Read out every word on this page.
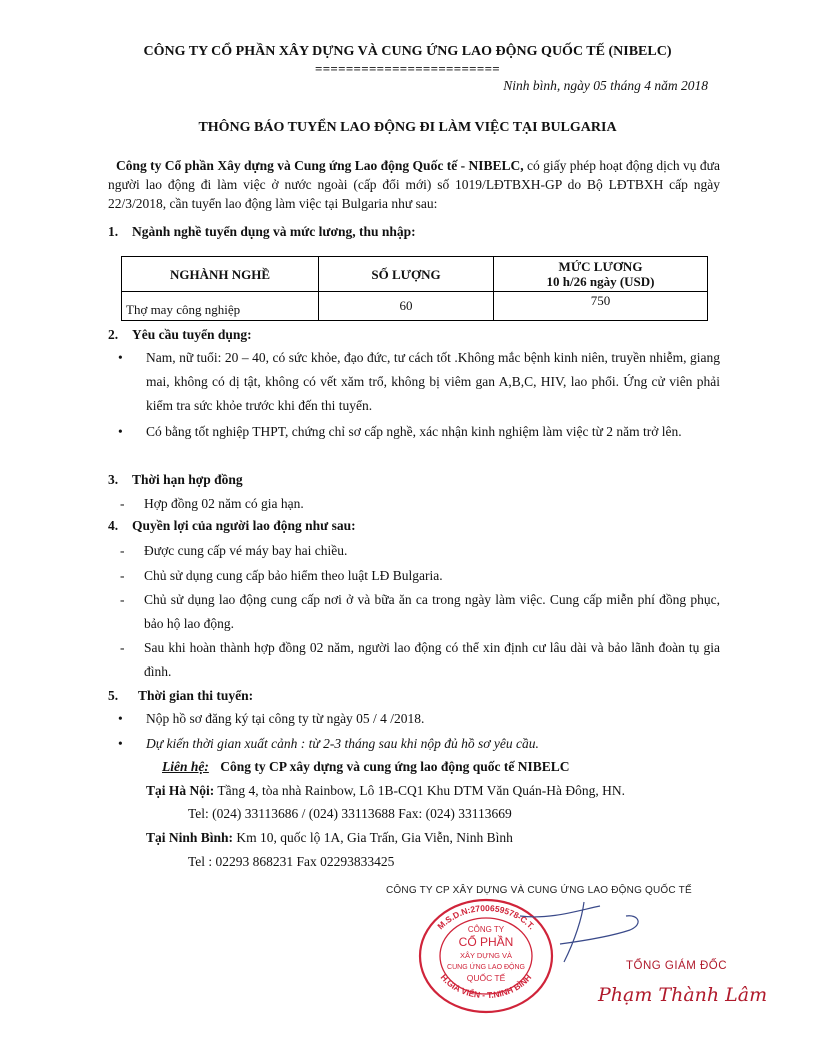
CÔNG TY CỔ PHẦN XÂY DỰNG VÀ CUNG ỨNG LAO ĐỘNG QUỐC TẾ (NIBELC)
========================
Ninh bình, ngày 05 tháng 4 năm 2018
THÔNG BÁO TUYỂN LAO ĐỘNG ĐI LÀM VIỆC TẠI BULGARIA
Công ty Cổ phần Xây dựng và Cung ứng Lao động Quốc tế - NIBELC, có giấy phép hoạt động dịch vụ đưa người lao động đi làm việc ở nước ngoài (cấp đổi mới) số 1019/LĐTBXH-GP do Bộ LĐTBXH cấp ngày 22/3/2018, cần tuyển lao động làm việc tại Bulgaria như sau:
1. Ngành nghề tuyển dụng và mức lương, thu nhập:
NGHÀNH NGHỀ	SỐ LƯỢNG	MỨC LƯƠNG
10 h/26 ngày (USD)

Thợ may công nghiệp	60	750
2. Yêu cầu tuyển dụng:
• Nam, nữ tuổi: 20 – 40, có sức khỏe, đạo đức, tư cách tốt .Không mắc bệnh kinh niên, truyền nhiễm, giang mai, không có dị tật, không có vết xăm trổ, không bị viêm gan A,B,C, HIV, lao phổi. Ứng cử viên phải kiểm tra sức khỏe trước khi đến thi tuyển.
• Có bằng tốt nghiệp THPT, chứng chỉ sơ cấp nghề, xác nhận kinh nghiệm làm việc từ 2 năm trở lên.
3. Thời hạn hợp đồng
- Hợp đồng 02 năm có gia hạn.
4. Quyền lợi của người lao động như sau:
- Được cung cấp vé máy bay hai chiều.
- Chủ sử dụng cung cấp bảo hiểm theo luật LĐ Bulgaria.
- Chủ sử dụng lao động cung cấp nơi ở và bữa ăn ca trong ngày làm việc. Cung cấp miễn phí đồng phục, bảo hộ lao động.
- Sau khi hoàn thành hợp đồng 02 năm, người lao động có thể xin định cư lâu dài và bảo lãnh đoàn tụ gia đình.
5. Thời gian thi tuyển:
• Nộp hồ sơ đăng ký tại công ty từ ngày 05 / 4 /2018.
• Dự kiến thời gian xuất cảnh : từ 2-3 tháng sau khi nộp đủ hồ sơ yêu cầu.
Liên hệ: Công ty CP xây dựng và cung ứng lao động quốc tế NIBELC
Tại Hà Nội: Tầng 4, tòa nhà Rainbow, Lô 1B-CQ1 Khu DTM Văn Quán-Hà Đông, HN.
Tel: (024) 33113686 / (024) 33113688 Fax: (024) 33113669
Tại Ninh Bình: Km 10, quốc lộ 1A, Gia Trấn, Gia Viễn, Ninh Bình
Tel : 02293 868231 Fax 02293833425
CÔNG TY CP XÂY DỰNG VÀ CUNG ỨNG LAO ĐỘNG QUỐC TẾ
M.S.D.N:2700659578-C.T.
H.GIA VIỄN - T.NINH BÌNH
CÔNG TY
CỔ PHẦN
XÂY DỰNG VÀ
CUNG ỨNG LAO ĐỘNG
QUỐC TẾ
TỔNG GIÁM ĐỐC
Phạm Thành Lâm
